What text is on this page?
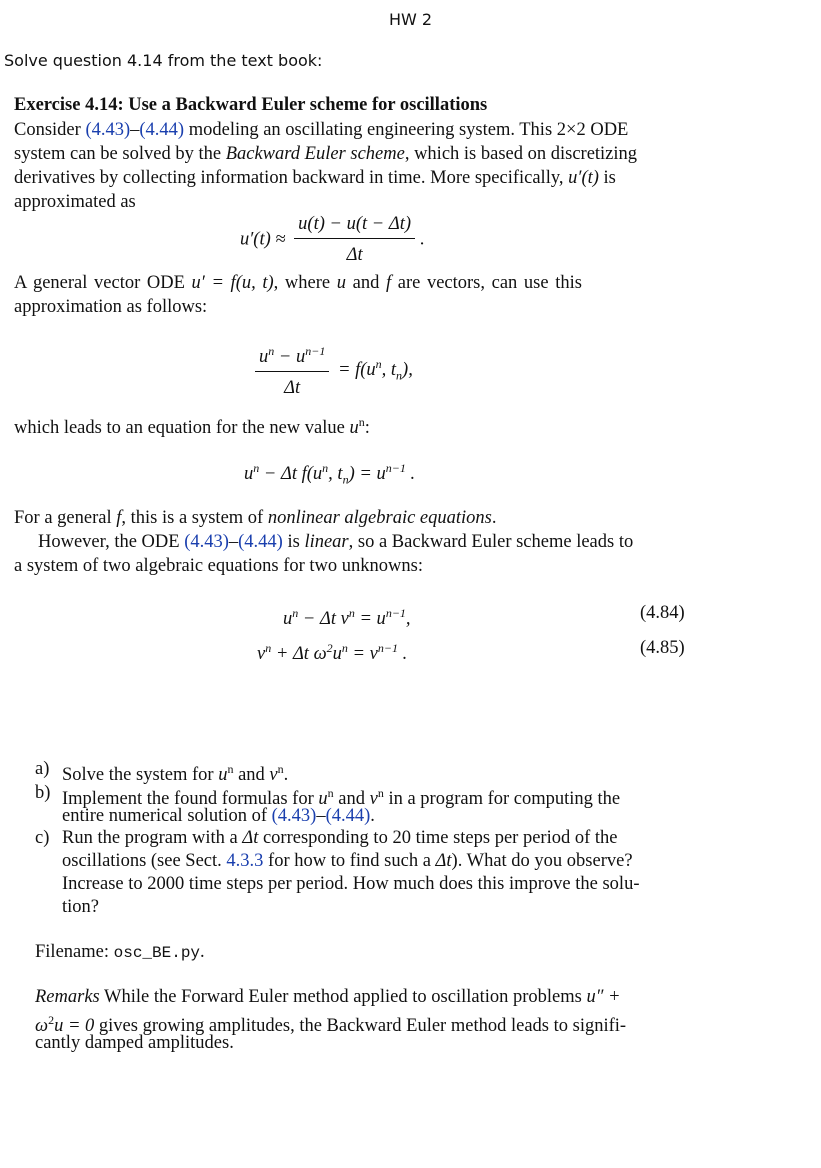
HW 2
Solve question 4.14 from the text book:
Exercise 4.14: Use a Backward Euler scheme for oscillations
Consider (4.43)–(4.44) modeling an oscillating engineering system. This 2×2 ODE
system can be solved by the Backward Euler scheme, which is based on discretizing
derivatives by collecting information backward in time. More specifically, u′(t) is
approximated as
$u'(t) \approx \frac{u(t) - u(t - \Delta t)}{\Delta t}$ .
A general vector ODE u′ = f(u, t), where u and f are vectors, can use this
approximation as follows:
$\frac{u^n - u^{n-1}}{\Delta t} = f(u^n$, $t_n$),
which leads to an equation for the new value $u^n$:
$u^n - \Delta t$ $f(u^n$, $t_n) = u^{n-1}$ .
For a general f, this is a system of nonlinear algebraic equations.
However, the ODE (4.43)–(4.44) is linear, so a Backward Euler scheme leads to
a system of two algebraic equations for two unknowns:
$u^n - \Delta t$ $v^n = u^{n-1}$,	(4.84)
$v^n + \Delta t$ $\omega^2u^n = v^{n-1}$ .	(4.85)
a) Solve the system for $u^n$ and $v^n$.
b) Implement the found formulas for $u^n$ and $v^n$ in a program for computing the
entire numerical solution of (4.43)–(4.44).
c) Run the program with a Δt corresponding to 20 time steps per period of the
oscillations (see Sect. 4.3.3 for how to find such a Δt). What do you observe?
Increase to 2000 time steps per period. How much does this improve the solu-
tion?
Filename: osc_BE.py.
Remarks While the Forward Euler method applied to oscillation problems u″ +
$\omega^2u = 0$ gives growing amplitudes, the Backward Euler method leads to signifi-
cantly damped amplitudes.
